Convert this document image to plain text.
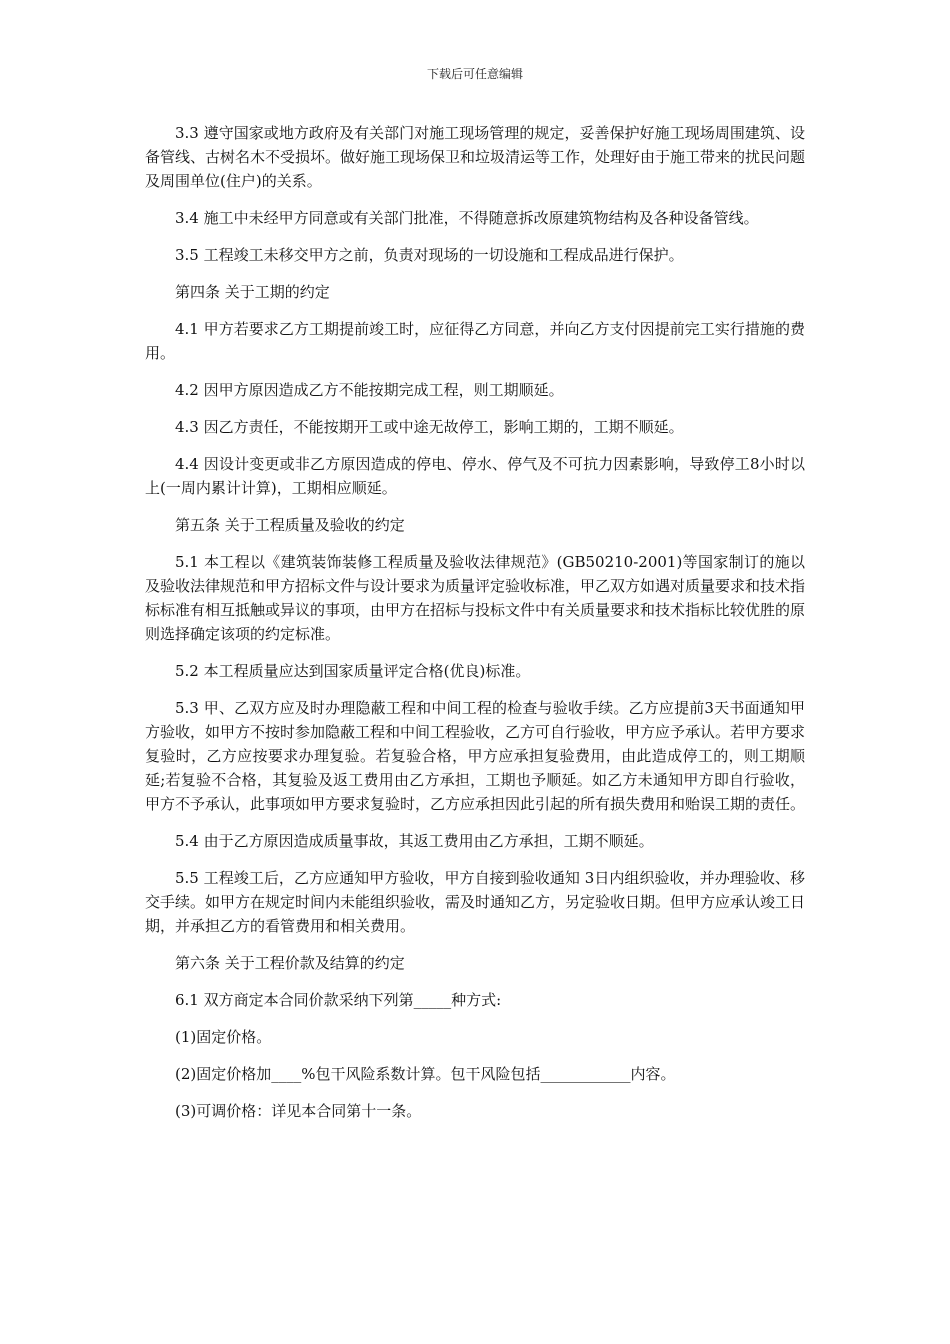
下载后可任意编辑

3.3 遵守国家或地方政府及有关部门对施工现场管理的规定，妥善保护好施工现场周围建筑、设备管线、古树名木不受损坏。做好施工现场保卫和垃圾清运等工作，处理好由于施工带来的扰民问题及周围单位(住户)的关系。

3.4 施工中未经甲方同意或有关部门批准，不得随意拆改原建筑物结构及各种设备管线。

3.5 工程竣工未移交甲方之前，负责对现场的一切设施和工程成品进行保护。

第四条 关于工期的约定

4.1 甲方若要求乙方工期提前竣工时，应征得乙方同意，并向乙方支付因提前完工实行措施的费用。

4.2 因甲方原因造成乙方不能按期完成工程，则工期顺延。

4.3 因乙方责任，不能按期开工或中途无故停工，影响工期的，工期不顺延。

4.4 因设计变更或非乙方原因造成的停电、停水、停气及不可抗力因素影响，导致停工8小时以上(一周内累计计算)，工期相应顺延。

第五条 关于工程质量及验收的约定

5.1 本工程以《建筑装饰装修工程质量及验收法律规范》(GB50210-2001)等国家制订的施以及验收法律规范和甲方招标文件与设计要求为质量评定验收标准，甲乙双方如遇对质量要求和技术指标标准有相互抵触或异议的事项，由甲方在招标与投标文件中有关质量要求和技术指标比较优胜的原则选择确定该项的约定标准。

5.2 本工程质量应达到国家质量评定合格(优良)标准。

5.3 甲、乙双方应及时办理隐蔽工程和中间工程的检查与验收手续。乙方应提前3天书面通知甲方验收，如甲方不按时参加隐蔽工程和中间工程验收，乙方可自行验收，甲方应予承认。若甲方要求复验时，乙方应按要求办理复验。若复验合格，甲方应承担复验费用，由此造成停工的，则工期顺延;若复验不合格，其复验及返工费用由乙方承担，工期也予顺延。如乙方未通知甲方即自行验收，甲方不予承认，此事项如甲方要求复验时，乙方应承担因此引起的所有损失费用和贻误工期的责任。

5.4 由于乙方原因造成质量事故，其返工费用由乙方承担，工期不顺延。

5.5 工程竣工后，乙方应通知甲方验收，甲方自接到验收通知 3日内组织验收，并办理验收、移交手续。如甲方在规定时间内未能组织验收，需及时通知乙方，另定验收日期。但甲方应承认竣工日期，并承担乙方的看管费用和相关费用。

第六条 关于工程价款及结算的约定

6.1 双方商定本合同价款采纳下列第_____种方式:

(1)固定价格。

(2)固定价格加____%包干风险系数计算。包干风险包括____________内容。

(3)可调价格：详见本合同第十一条。
